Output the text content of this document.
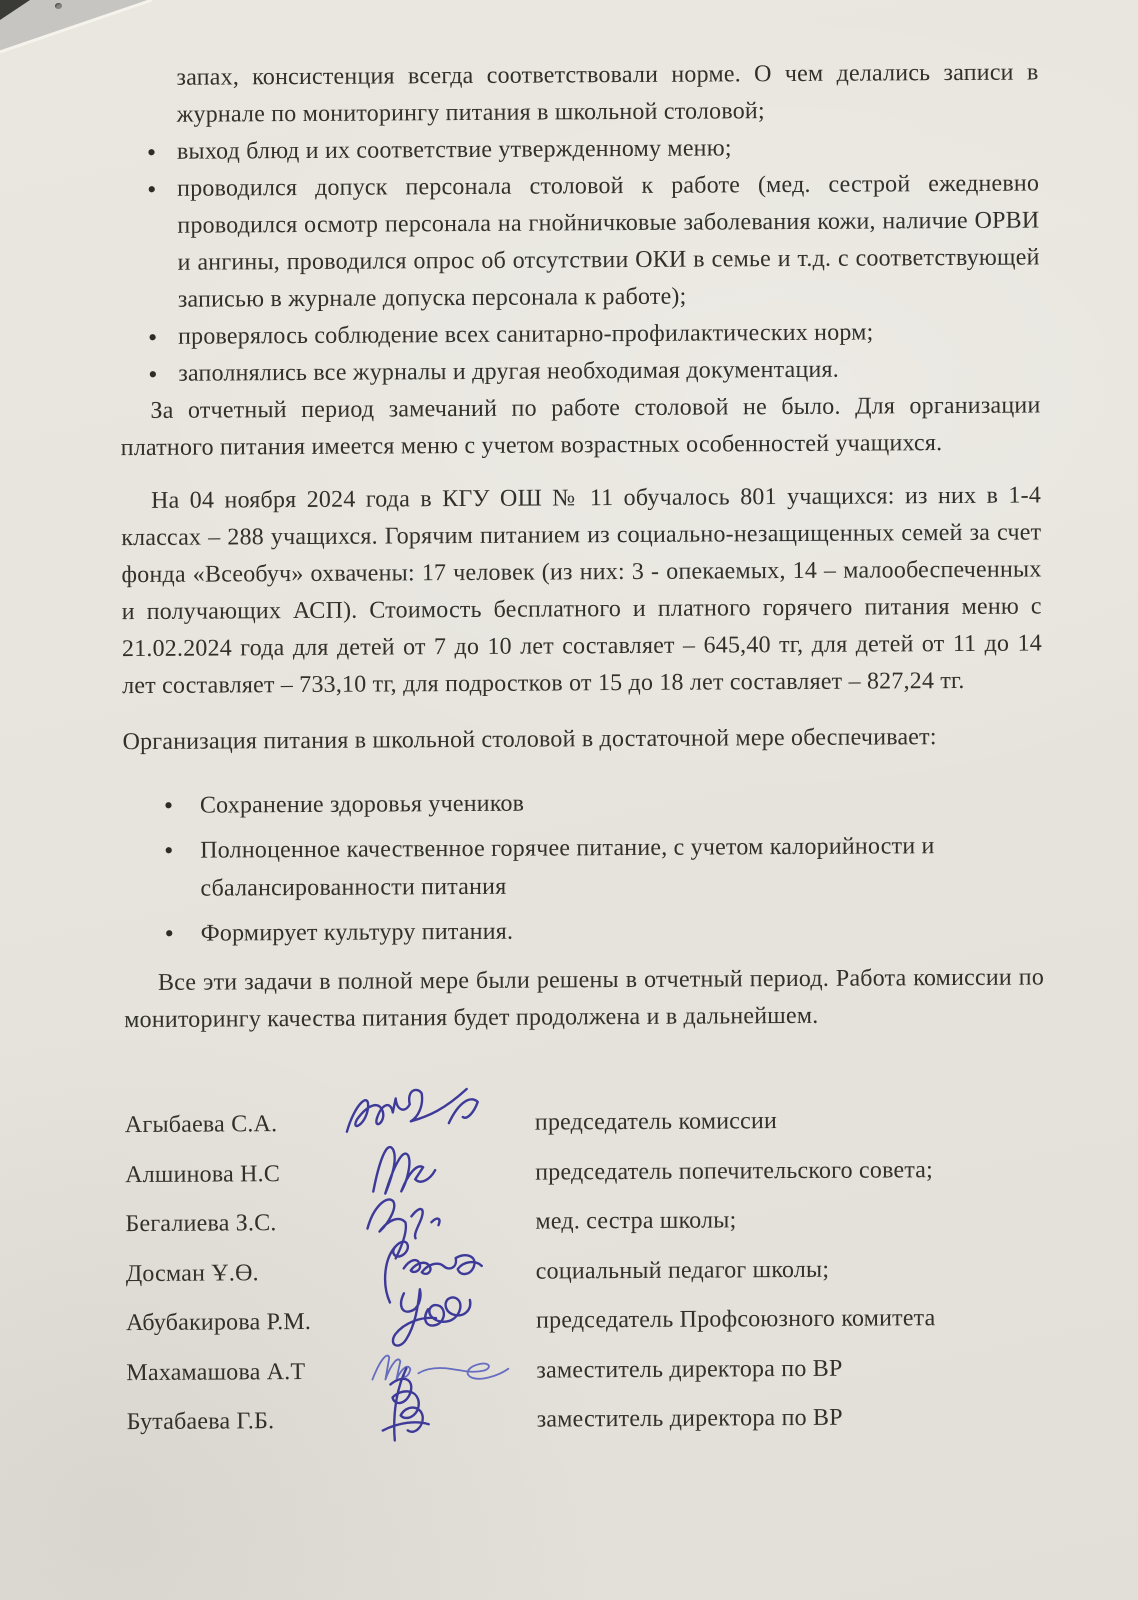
запах, консистенция всегда соответствовали норме. О чем делались записи в журнале по мониторингу питания в школьной столовой;

• выход блюд и их соответствие утвержденному меню;
• проводился допуск персонала столовой к работе (мед. сестрой ежедневно проводился осмотр персонала на гнойничковые заболевания кожи, наличие ОРВИ и ангины, проводился опрос об отсутствии ОКИ в семье и т.д. с соответствующей записью в журнале допуска персонала к работе);
• проверялось соблюдение всех санитарно-профилактических норм;
• заполнялись все журналы и другая необходимая документация.

За отчетный период замечаний по работе столовой не было. Для организации платного питания имеется меню с учетом возрастных особенностей учащихся.

На 04 ноября 2024 года в КГУ ОШ № 11 обучалось 801 учащихся: из них в 1-4 классах – 288 учащихся. Горячим питанием из социально-незащищенных семей за счет фонда «Всеобуч» охвачены: 17 человек (из них: 3 - опекаемых, 14 – малообеспеченных и получающих АСП). Стоимость бесплатного и платного горячего питания меню с 21.02.2024 года для детей от 7 до 10 лет составляет – 645,40 тг, для детей от 11 до 14 лет составляет – 733,10 тг, для подростков от 15 до 18 лет составляет – 827,24 тг.

Организация питания в школьной столовой в достаточной мере обеспечивает:

• Сохранение здоровья учеников
• Полноценное качественное горячее питание, с учетом калорийности и сбалансированности питания
• Формирует культуру питания.

Все эти задачи в полной мере были решены в отчетный период. Работа комиссии по мониторингу качества питания будет продолжена и в дальнейшем.

Агыбаева С.А.	председатель комиссии
Алшинова Н.С	председатель попечительского совета;
Бегалиева З.С.	мед. сестра школы;
Досман Ұ.Ө.	социальный педагог школы;
Абубакирова Р.М.	председатель Профсоюзного комитета
Махамашова А.Т	заместитель директора по ВР
Бутабаева Г.Б.	заместитель директора по ВР
